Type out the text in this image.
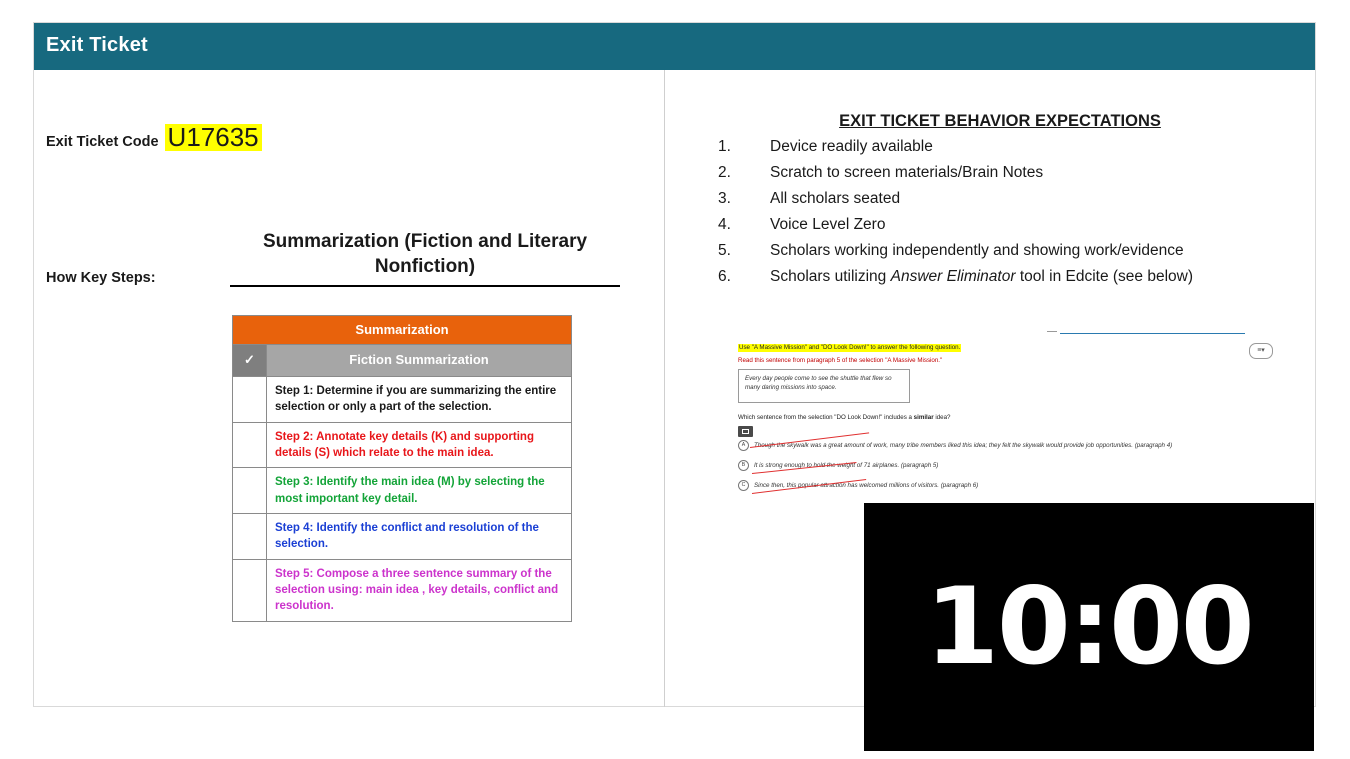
Exit Ticket
Exit Ticket Code U17635
How Key Steps:
Summarization (Fiction and Literary Nonfiction)
Summarization	
✓	Fiction Summarization
	Step 1: Determine if you are summarizing the entire selection or only a part of the selection.
	Step 2: Annotate key details (K) and supporting details (S) which relate to the main idea.
	Step 3: Identify the main idea (M) by selecting the most important key detail.
	Step 4: Identify the conflict and resolution of the selection.
	Step 5: Compose a three sentence summary of the selection using: main idea , key details, conflict and resolution.
EXIT TICKET BEHAVIOR EXPECTATIONS
1.	Device readily available
2.	Scratch to screen materials/Brain Notes
3.	All scholars seated
4.	Voice Level Zero
5.	Scholars working independently and showing work/evidence
6.	Scholars utilizing Answer Eliminator tool in Edcite (see below)
≡▾
Use "A Massive Mission" and "DO Look Down!" to answer the following question.
Read this sentence from paragraph 5 of the selection "A Massive Mission."
Every day people come to see the shuttle that flew so many daring missions into space.
Which sentence from the selection "DO Look Down!" includes a similar idea?
A Though the skywalk was a great amount of work, many tribe members liked this idea; they felt the skywalk would provide job opportunities. (paragraph 4)
B It is strong enough to hold the weight of 71 airplanes. (paragraph 5)
C Since then, this popular attraction has welcomed millions of visitors. (paragraph 6)
10:00
